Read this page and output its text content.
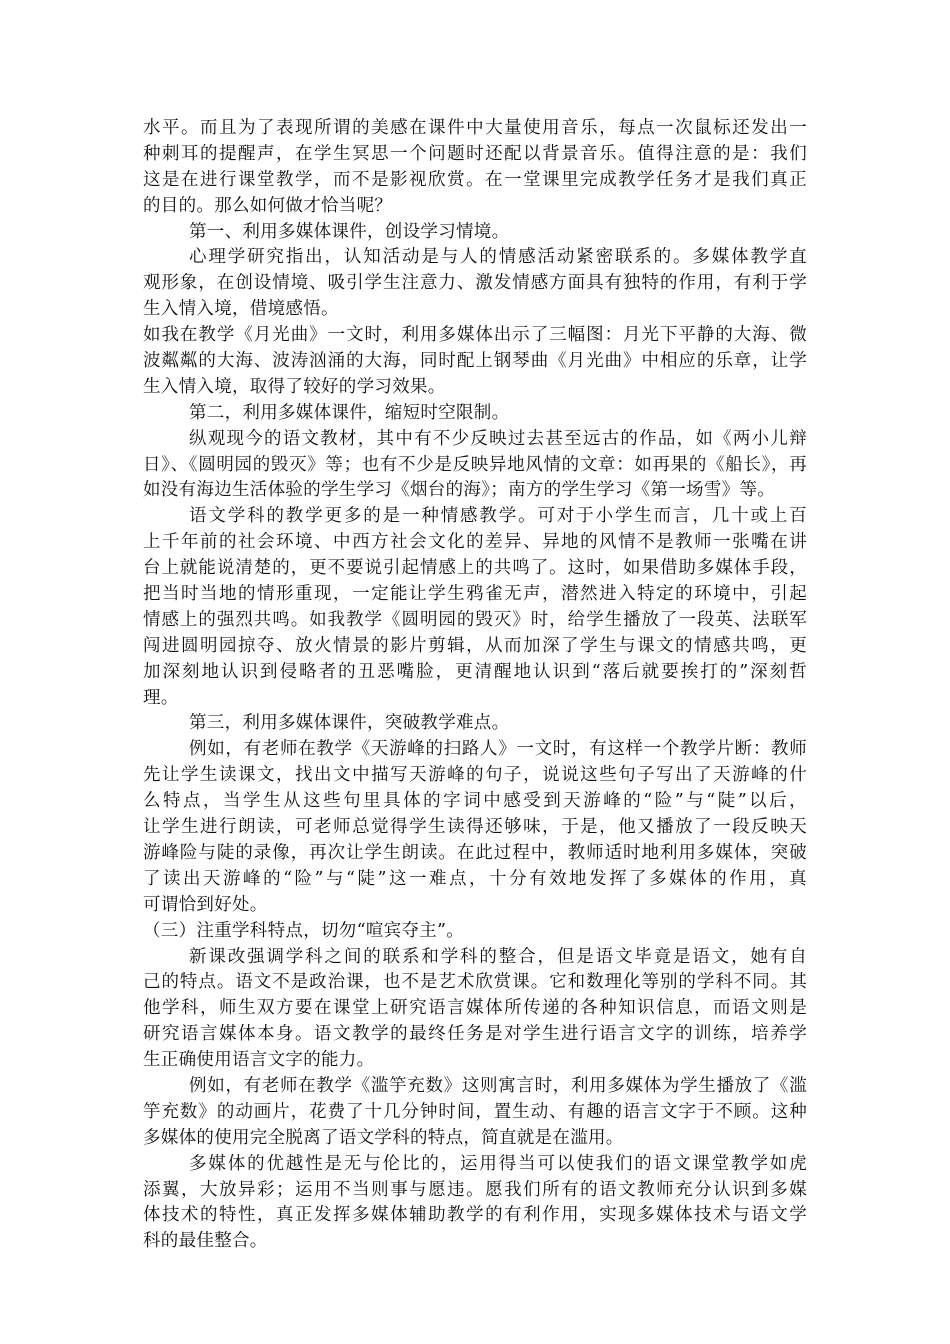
水平。而且为了表现所谓的美感在课件中大量使用音乐，每点一次鼠标还发出一
种刺耳的提醒声，在学生冥思一个问题时还配以背景音乐。值得注意的是：我们
这是在进行课堂教学，而不是影视欣赏。在一堂课里完成教学任务才是我们真正
的目的。那么如何做才恰当呢？
第一、利用多媒体课件，创设学习情境。
心理学研究指出，认知活动是与人的情感活动紧密联系的。多媒体教学直
观形象，在创设情境、吸引学生注意力、激发情感方面具有独特的作用，有利于学
生入情入境，借境感悟。
如我在教学《月光曲》一文时，利用多媒体出示了三幅图：月光下平静的大海、微
波粼粼的大海、波涛汹涌的大海，同时配上钢琴曲《月光曲》中相应的乐章，让学
生入情入境，取得了较好的学习效果。
第二，利用多媒体课件，缩短时空限制。
纵观现今的语文教材，其中有不少反映过去甚至远古的作品，如《两小儿辩
日》、《圆明园的毁灭》等；也有不少是反映异地风情的文章：如再果的《船长》，再
如没有海边生活体验的学生学习《烟台的海》；南方的学生学习《第一场雪》等。
语文学科的教学更多的是一种情感教学。可对于小学生而言，几十或上百
上千年前的社会环境、中西方社会文化的差异、异地的风情不是教师一张嘴在讲
台上就能说清楚的，更不要说引起情感上的共鸣了。这时，如果借助多媒体手段，
把当时当地的情形重现，一定能让学生鸦雀无声，潜然进入特定的环境中，引起
情感上的强烈共鸣。如我教学《圆明园的毁灭》时，给学生播放了一段英、法联军
闯进圆明园掠夺、放火情景的影片剪辑，从而加深了学生与课文的情感共鸣，更
加深刻地认识到侵略者的丑恶嘴脸，更清醒地认识到“落后就要挨打的”深刻哲
理。
第三，利用多媒体课件，突破教学难点。
例如，有老师在教学《天游峰的扫路人》一文时，有这样一个教学片断：教师
先让学生读课文，找出文中描写天游峰的句子，说说这些句子写出了天游峰的什
么特点，当学生从这些句里具体的字词中感受到天游峰的“险”与“陡”以后，
让学生进行朗读，可老师总觉得学生读得还够味，于是，他又播放了一段反映天
游峰险与陡的录像，再次让学生朗读。在此过程中，教师适时地利用多媒体，突破
了读出天游峰的“险”与“陡”这一难点，十分有效地发挥了多媒体的作用，真
可谓恰到好处。
（三）注重学科特点，切勿“喧宾夺主”。
新课改强调学科之间的联系和学科的整合，但是语文毕竟是语文，她有自
己的特点。语文不是政治课，也不是艺术欣赏课。它和数理化等别的学科不同。其
他学科，师生双方要在课堂上研究语言媒体所传递的各种知识信息，而语文则是
研究语言媒体本身。语文教学的最终任务是对学生进行语言文字的训练，培养学
生正确使用语言文字的能力。
例如，有老师在教学《滥竽充数》这则寓言时，利用多媒体为学生播放了《滥
竽充数》的动画片，花费了十几分钟时间，置生动、有趣的语言文字于不顾。这种
多媒体的使用完全脱离了语文学科的特点，简直就是在滥用。
多媒体的优越性是无与伦比的，运用得当可以使我们的语文课堂教学如虎
添翼，大放异彩；运用不当则事与愿违。愿我们所有的语文教师充分认识到多媒
体技术的特性，真正发挥多媒体辅助教学的有利作用，实现多媒体技术与语文学
科的最佳整合。
